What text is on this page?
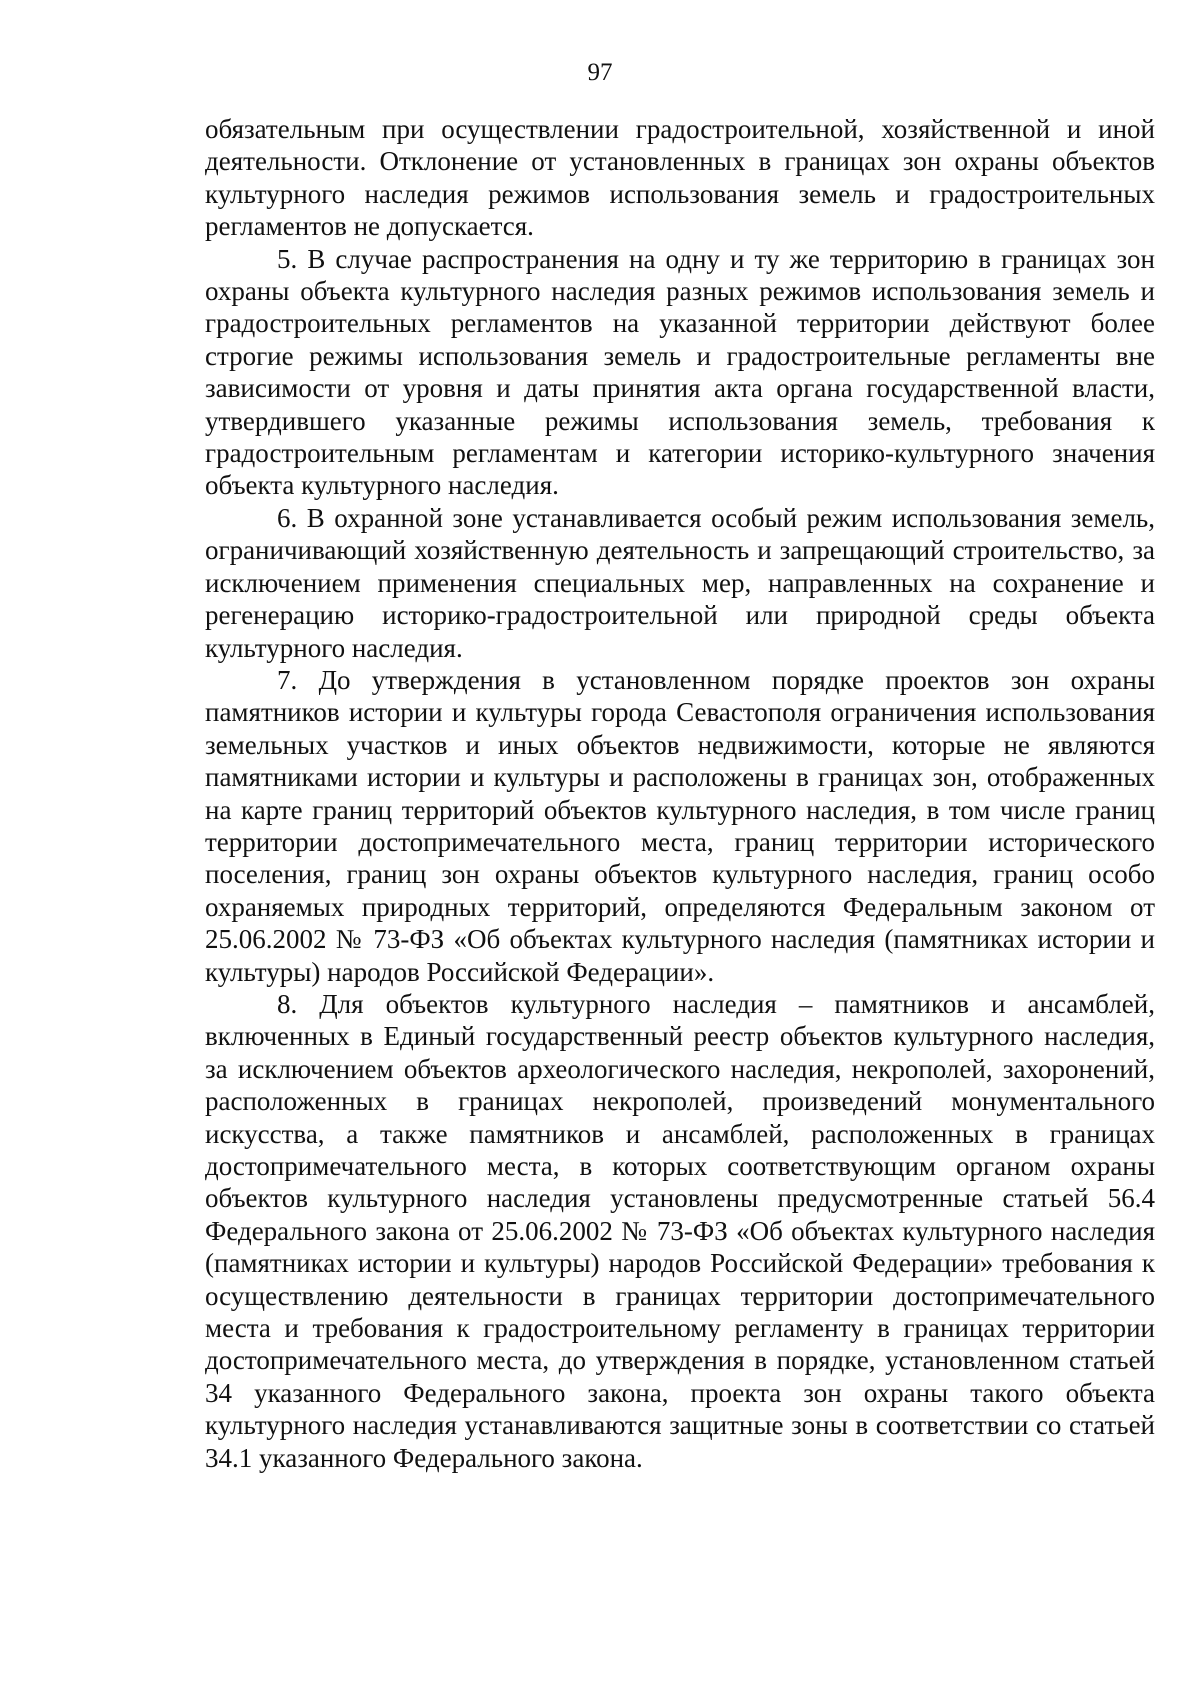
97

обязательным при осуществлении градостроительной, хозяйственной и иной деятельности. Отклонение от установленных в границах зон охраны объектов культурного наследия режимов использования земель и градостроительных регламентов не допускается.

5. В случае распространения на одну и ту же территорию в границах зон охраны объекта культурного наследия разных режимов использования земель и градостроительных регламентов на указанной территории действуют более строгие режимы использования земель и градостроительные регламенты вне зависимости от уровня и даты принятия акта органа государственной власти, утвердившего указанные режимы использования земель, требования к градостроительным регламентам и категории историко-культурного значения объекта культурного наследия.

6. В охранной зоне устанавливается особый режим использования земель, ограничивающий хозяйственную деятельность и запрещающий строительство, за исключением применения специальных мер, направленных на сохранение и регенерацию историко-градостроительной или природной среды объекта культурного наследия.

7. До утверждения в установленном порядке проектов зон охраны памятников истории и культуры города Севастополя ограничения использования земельных участков и иных объектов недвижимости, которые не являются памятниками истории и культуры и расположены в границах зон, отображенных на карте границ территорий объектов культурного наследия, в том числе границ территории достопримечательного места, границ территории исторического поселения, границ зон охраны объектов культурного наследия, границ особо охраняемых природных территорий, определяются Федеральным законом от 25.06.2002 № 73-ФЗ «Об объектах культурного наследия (памятниках истории и культуры) народов Российской Федерации».

8. Для объектов культурного наследия – памятников и ансамблей, включенных в Единый государственный реестр объектов культурного наследия, за исключением объектов археологического наследия, некрополей, захоронений, расположенных в границах некрополей, произведений монументального искусства, а также памятников и ансамблей, расположенных в границах достопримечательного места, в которых соответствующим органом охраны объектов культурного наследия установлены предусмотренные статьей 56.4 Федерального закона от 25.06.2002 № 73-ФЗ «Об объектах культурного наследия (памятниках истории и культуры) народов Российской Федерации» требования к осуществлению деятельности в границах территории достопримечательного места и требования к градостроительному регламенту в границах территории достопримечательного места, до утверждения в порядке, установленном статьей 34 указанного Федерального закона, проекта зон охраны такого объекта культурного наследия устанавливаются защитные зоны в соответствии со статьей 34.1 указанного Федерального закона.
